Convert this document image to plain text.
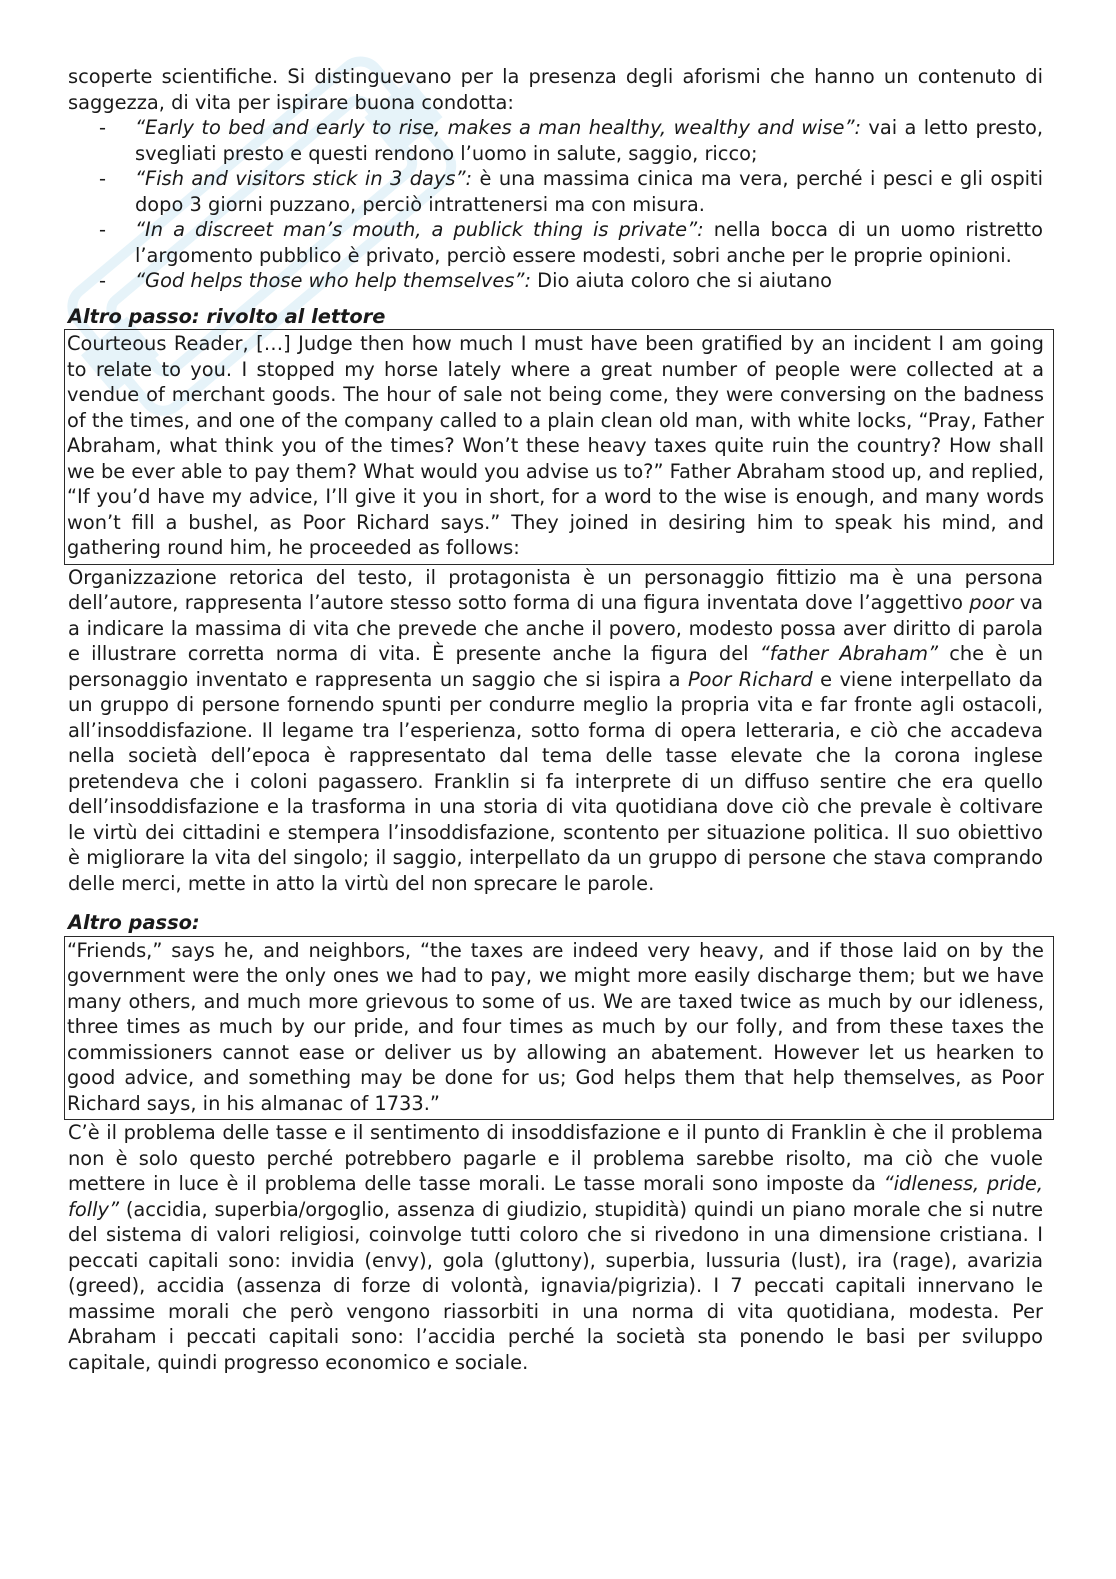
scoperte scientifiche. Si distinguevano per la presenza degli aforismi che hanno un contenuto di saggezza, di vita per ispirare buona condotta:

- “Early to bed and early to rise, makes a man healthy, wealthy and wise”: vai a letto presto, svegliati presto e questi rendono l’uomo in salute, saggio, ricco;
- “Fish and visitors stick in 3 days”: è una massima cinica ma vera, perché i pesci e gli ospiti dopo 3 giorni puzzano, perciò intrattenersi ma con misura.
- “In a discreet man’s mouth, a publick thing is private”: nella bocca di un uomo ristretto l’argomento pubblico è privato, perciò essere modesti, sobri anche per le proprie opinioni.
- “God helps those who help themselves”: Dio aiuta coloro che si aiutano

Altro passo: rivolto al lettore

Courteous Reader, […] Judge then how much I must have been gratified by an incident I am going to relate to you. I stopped my horse lately where a great number of people were collected at a vendue of merchant goods. The hour of sale not being come, they were conversing on the badness of the times, and one of the company called to a plain clean old man, with white locks, “Pray, Father Abraham, what think you of the times? Won’t these heavy taxes quite ruin the country? How shall we be ever able to pay them? What would you advise us to?” Father Abraham stood up, and replied, “If you’d have my advice, I’ll give it you in short, for a word to the wise is enough, and many words won’t fill a bushel, as Poor Richard says.” They joined in desiring him to speak his mind, and gathering round him, he proceeded as follows:

Organizzazione retorica del testo, il protagonista è un personaggio fittizio ma è una persona dell’autore, rappresenta l’autore stesso sotto forma di una figura inventata dove l’aggettivo poor va a indicare la massima di vita che prevede che anche il povero, modesto possa aver diritto di parola e illustrare corretta norma di vita. È presente anche la figura del “father Abraham” che è un personaggio inventato e rappresenta un saggio che si ispira a Poor Richard e viene interpellato da un gruppo di persone fornendo spunti per condurre meglio la propria vita e far fronte agli ostacoli, all’insoddisfazione. Il legame tra l’esperienza, sotto forma di opera letteraria, e ciò che accadeva nella società dell’epoca è rappresentato dal tema delle tasse elevate che la corona inglese pretendeva che i coloni pagassero. Franklin si fa interprete di un diffuso sentire che era quello dell’insoddisfazione e la trasforma in una storia di vita quotidiana dove ciò che prevale è coltivare le virtù dei cittadini e stempera l’insoddisfazione, scontento per situazione politica. Il suo obiettivo è migliorare la vita del singolo; il saggio, interpellato da un gruppo di persone che stava comprando delle merci, mette in atto la virtù del non sprecare le parole.

Altro passo:

“Friends,” says he, and neighbors, “the taxes are indeed very heavy, and if those laid on by the government were the only ones we had to pay, we might more easily discharge them; but we have many others, and much more grievous to some of us. We are taxed twice as much by our idleness, three times as much by our pride, and four times as much by our folly, and from these taxes the commissioners cannot ease or deliver us by allowing an abatement. However let us hearken to good advice, and something may be done for us; God helps them that help themselves, as Poor Richard says, in his almanac of 1733.”

C’è il problema delle tasse e il sentimento di insoddisfazione e il punto di Franklin è che il problema non è solo questo perché potrebbero pagarle e il problema sarebbe risolto, ma ciò che vuole mettere in luce è il problema delle tasse morali. Le tasse morali sono imposte da “idleness, pride, folly” (accidia, superbia/orgoglio, assenza di giudizio, stupidità) quindi un piano morale che si nutre del sistema di valori religiosi, coinvolge tutti coloro che si rivedono in una dimensione cristiana. I peccati capitali sono: invidia (envy), gola (gluttony), superbia, lussuria (lust), ira (rage), avarizia (greed), accidia (assenza di forze di volontà, ignavia/pigrizia). I 7 peccati capitali innervano le massime morali che però vengono riassorbiti in una norma di vita quotidiana, modesta. Per Abraham i peccati capitali sono: l’accidia perché la società sta ponendo le basi per sviluppo capitale, quindi progresso economico e sociale.
